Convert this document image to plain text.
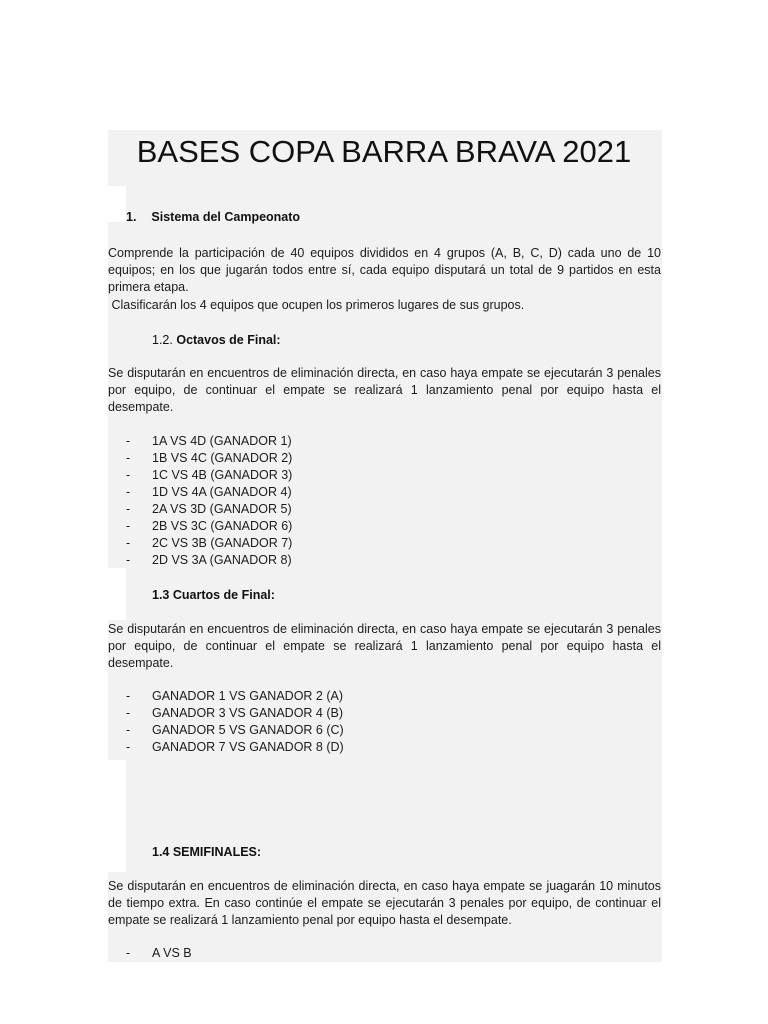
BASES COPA BARRA BRAVA 2021
1. Sistema del Campeonato

Comprende la participación de 40 equipos divididos en 4 grupos (A, B, C, D) cada uno de 10 equipos; en los que jugarán todos entre sí, cada equipo disputará un total de 9 partidos en esta primera etapa.

Clasificarán los 4 equipos que ocupen los primeros lugares de sus grupos.

1.2. Octavos de Final:

Se disputarán en encuentros de eliminación directa, en caso haya empate se ejecutarán 3 penales por equipo, de continuar el empate se realizará 1 lanzamiento penal por equipo hasta el desempate.

- 1A VS 4D (GANADOR 1)
- 1B VS 4C (GANADOR 2)
- 1C VS 4B (GANADOR 3)
- 1D VS 4A (GANADOR 4)
- 2A VS 3D (GANADOR 5)
- 2B VS 3C (GANADOR 6)
- 2C VS 3B (GANADOR 7)
- 2D VS 3A (GANADOR 8)
1.3 Cuartos de Final:

Se disputarán en encuentros de eliminación directa, en caso haya empate se ejecutarán 3 penales por equipo, de continuar el empate se realizará 1 lanzamiento penal por equipo hasta el desempate.

- GANADOR 1 VS GANADOR 2 (A)
- GANADOR 3 VS GANADOR 4 (B)
- GANADOR 5 VS GANADOR 6 (C)
- GANADOR 7 VS GANADOR 8 (D)
1.4 SEMIFINALES:

Se disputarán en encuentros de eliminación directa, en caso haya empate se juagarán 10 minutos de tiempo extra. En caso continúe el empate se ejecutarán 3 penales por equipo, de continuar el empate se realizará 1 lanzamiento penal por equipo hasta el desempate.

- A VS B
